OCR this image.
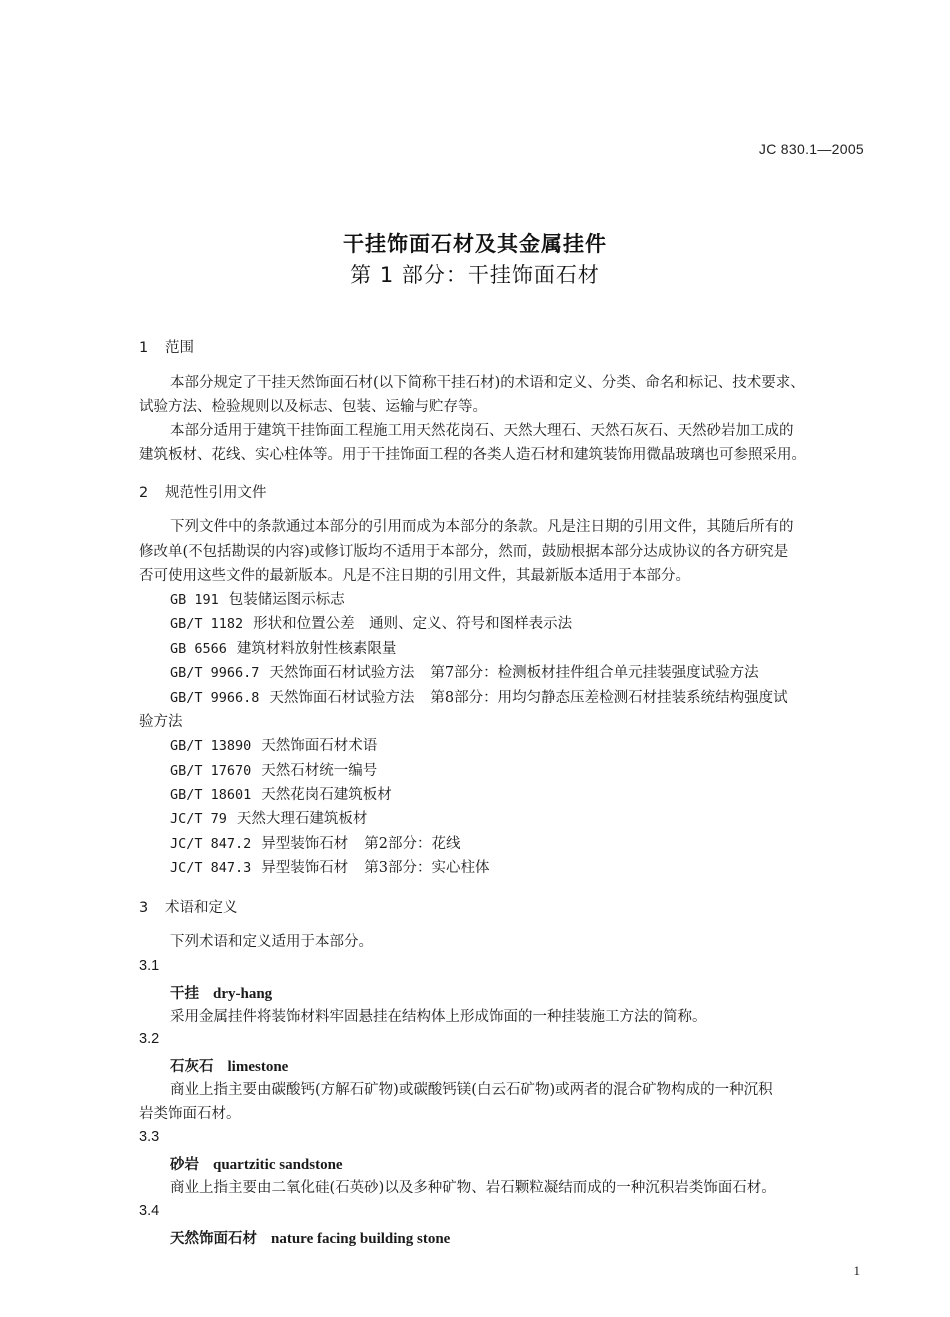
JC 830.1—2005
干挂饰面石材及其金属挂件
第 1 部分：干挂饰面石材
1 范围
本部分规定了干挂天然饰面石材(以下简称干挂石材)的术语和定义、分类、命名和标记、技术要求、
试验方法、检验规则以及标志、包装、运输与贮存等。
本部分适用于建筑干挂饰面工程施工用天然花岗石、天然大理石、天然石灰石、天然砂岩加工成的
建筑板材、花线、实心柱体等。用于干挂饰面工程的各类人造石材和建筑装饰用微晶玻璃也可参照采用。
2 规范性引用文件
下列文件中的条款通过本部分的引用而成为本部分的条款。凡是注日期的引用文件，其随后所有的
修改单(不包括勘误的内容)或修订版均不适用于本部分，然而，鼓励根据本部分达成协议的各方研究是
否可使用这些文件的最新版本。凡是不注日期的引用文件，其最新版本适用于本部分。
GB 191 包装储运图示标志
GB/T 1182 形状和位置公差　通则、定义、符号和图样表示法
GB 6566 建筑材料放射性核素限量
GB/T 9966.7 天然饰面石材试验方法 第7部分：检测板材挂件组合单元挂装强度试验方法
GB/T 9966.8 天然饰面石材试验方法 第8部分：用均匀静态压差检测石材挂装系统结构强度试
验方法
GB/T 13890 天然饰面石材术语
GB/T 17670 天然石材统一编号
GB/T 18601 天然花岗石建筑板材
JC/T 79 天然大理石建筑板材
JC/T 847.2 异型装饰石材 第2部分：花线
JC/T 847.3 异型装饰石材 第3部分：实心柱体
3 术语和定义
下列术语和定义适用于本部分。
3.1
干挂 dry-hang
采用金属挂件将装饰材料牢固悬挂在结构体上形成饰面的一种挂装施工方法的简称。
3.2
石灰石 limestone
商业上指主要由碳酸钙(方解石矿物)或碳酸钙镁(白云石矿物)或两者的混合矿物构成的一种沉积
岩类饰面石材。
3.3
砂岩 quartzitic sandstone
商业上指主要由二氧化硅(石英砂)以及多种矿物、岩石颗粒凝结而成的一种沉积岩类饰面石材。
3.4
天然饰面石材 nature facing building stone
1
